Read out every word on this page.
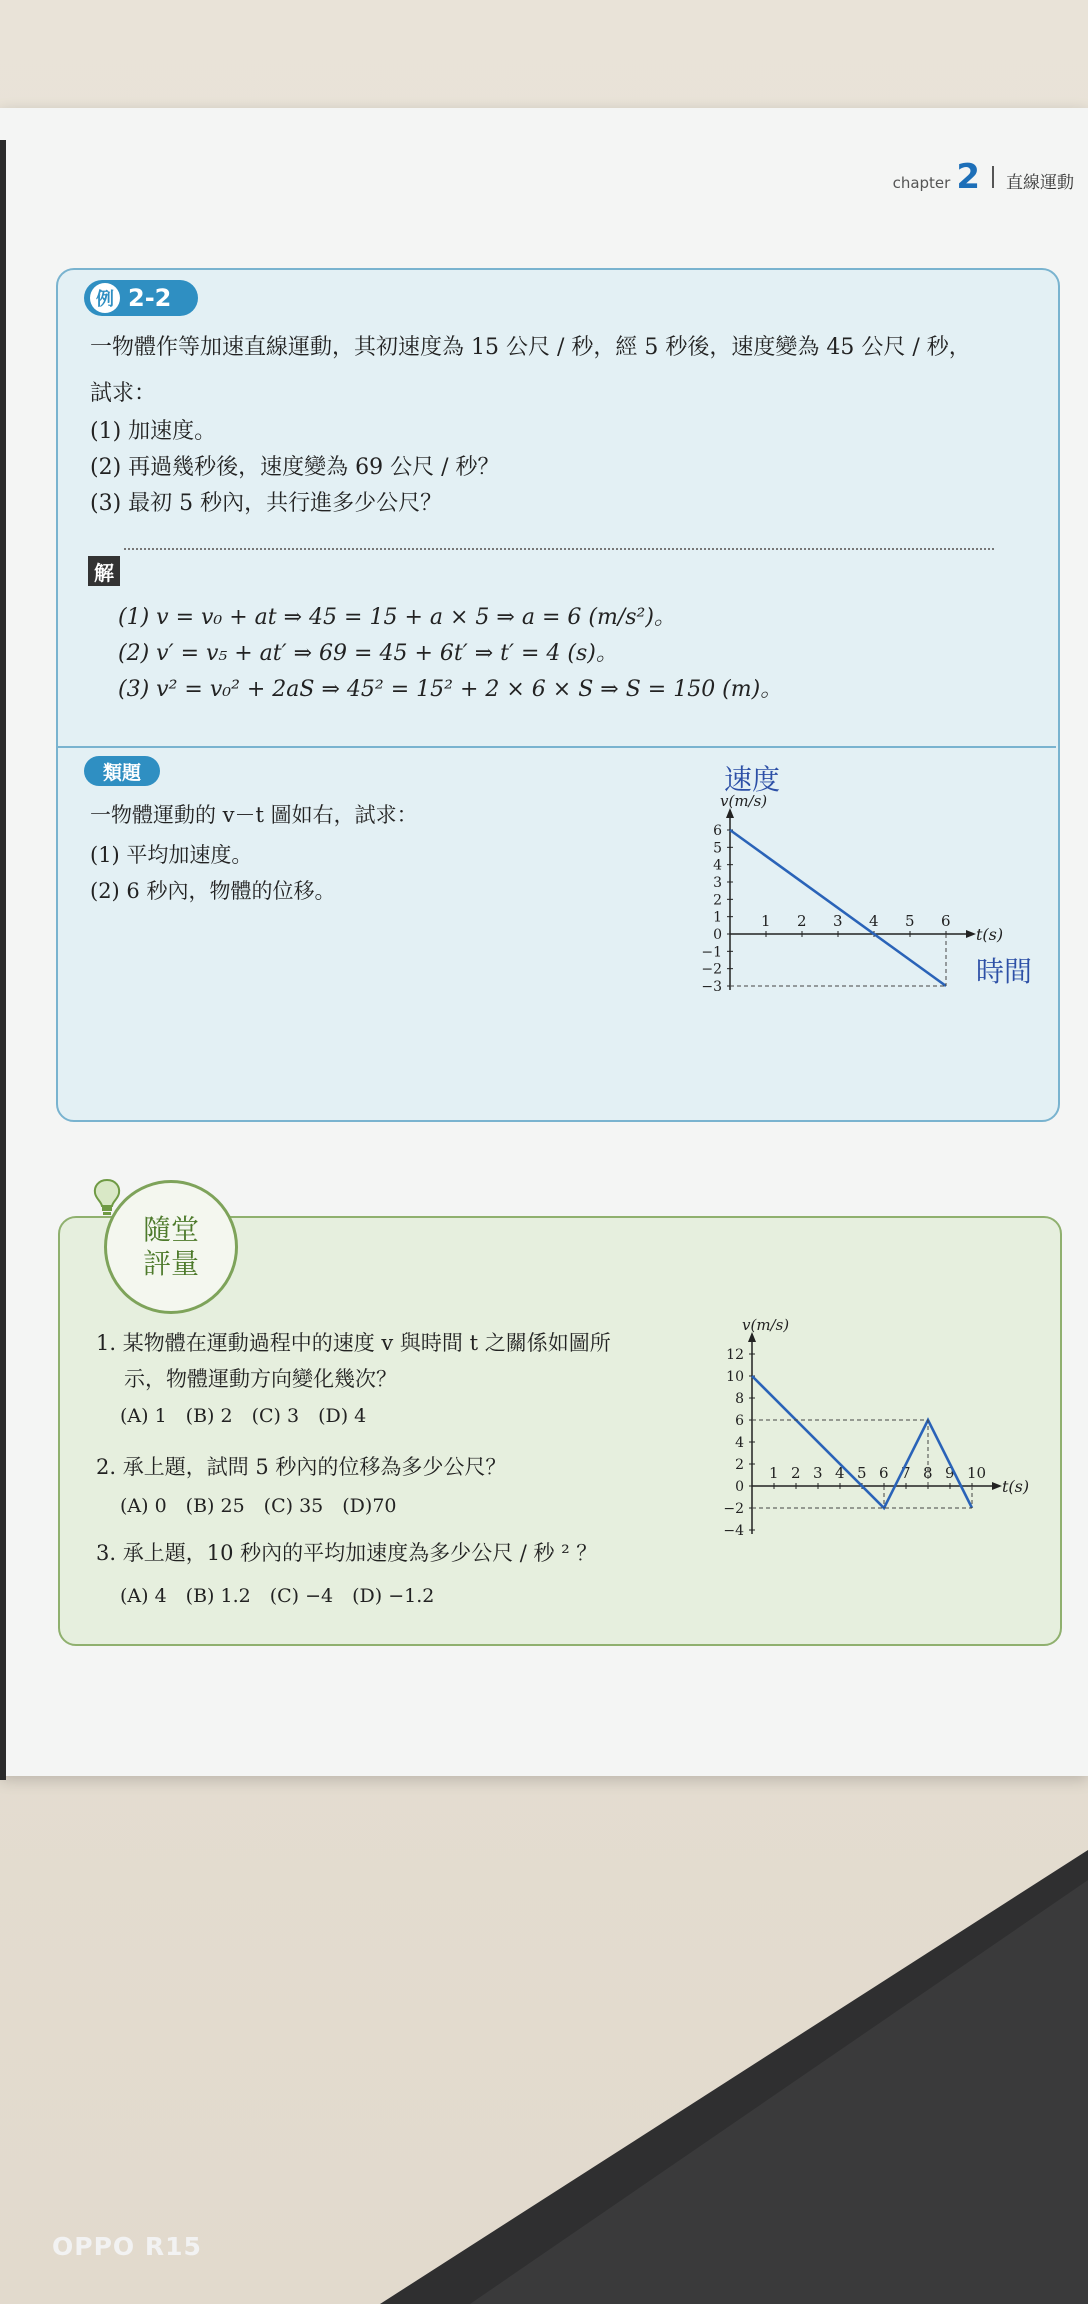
chapter 2 直線運動
例 2-2
一物體作等加速直線運動，其初速度為 15 公尺 / 秒，經 5 秒後，速度變為 45 公尺 / 秒，
試求：
(1) 加速度。
(2) 再過幾秒後，速度變為 69 公尺 / 秒？
(3) 最初 5 秒內，共行進多少公尺？
解
(1) v = v₀ + at ⇒ 45 = 15 + a × 5 ⇒ a = 6 (m/s²)。
(2) v′ = v₅ + at′ ⇒ 69 = 45 + 6t′ ⇒ t′ = 4 (s)。
(3) v² = v₀² + 2aS ⇒ 45² = 15² + 2 × 6 × S ⇒ S = 150 (m)。
類題
一物體運動的 v－t 圖如右，試求：
(1) 平均加速度。
(2) 6 秒內，物體的位移。
速度
時間
t(s)
v(m/s)
1 2 3 4 5 6
−3
−2
−1
0
1
2
3
4
5
6
隨堂
評量
1. 某物體在運動過程中的速度 v 與時間 t 之關係如圖所
示，物體運動方向變化幾次？
(A) 1　(B) 2　(C) 3　(D) 4
2. 承上題，試問 5 秒內的位移為多少公尺？
(A) 0　(B) 25　(C) 35　(D)70
3. 承上題，10 秒內的平均加速度為多少公尺 / 秒 ² ？
(A) 4　(B) 1.2　(C) −4　(D) −1.2
t(s)
v(m/s)
1 2 3 4 5 6 7 8 9 10
−4
−2
0
2
4
6
8
10
12
OPPO R15
